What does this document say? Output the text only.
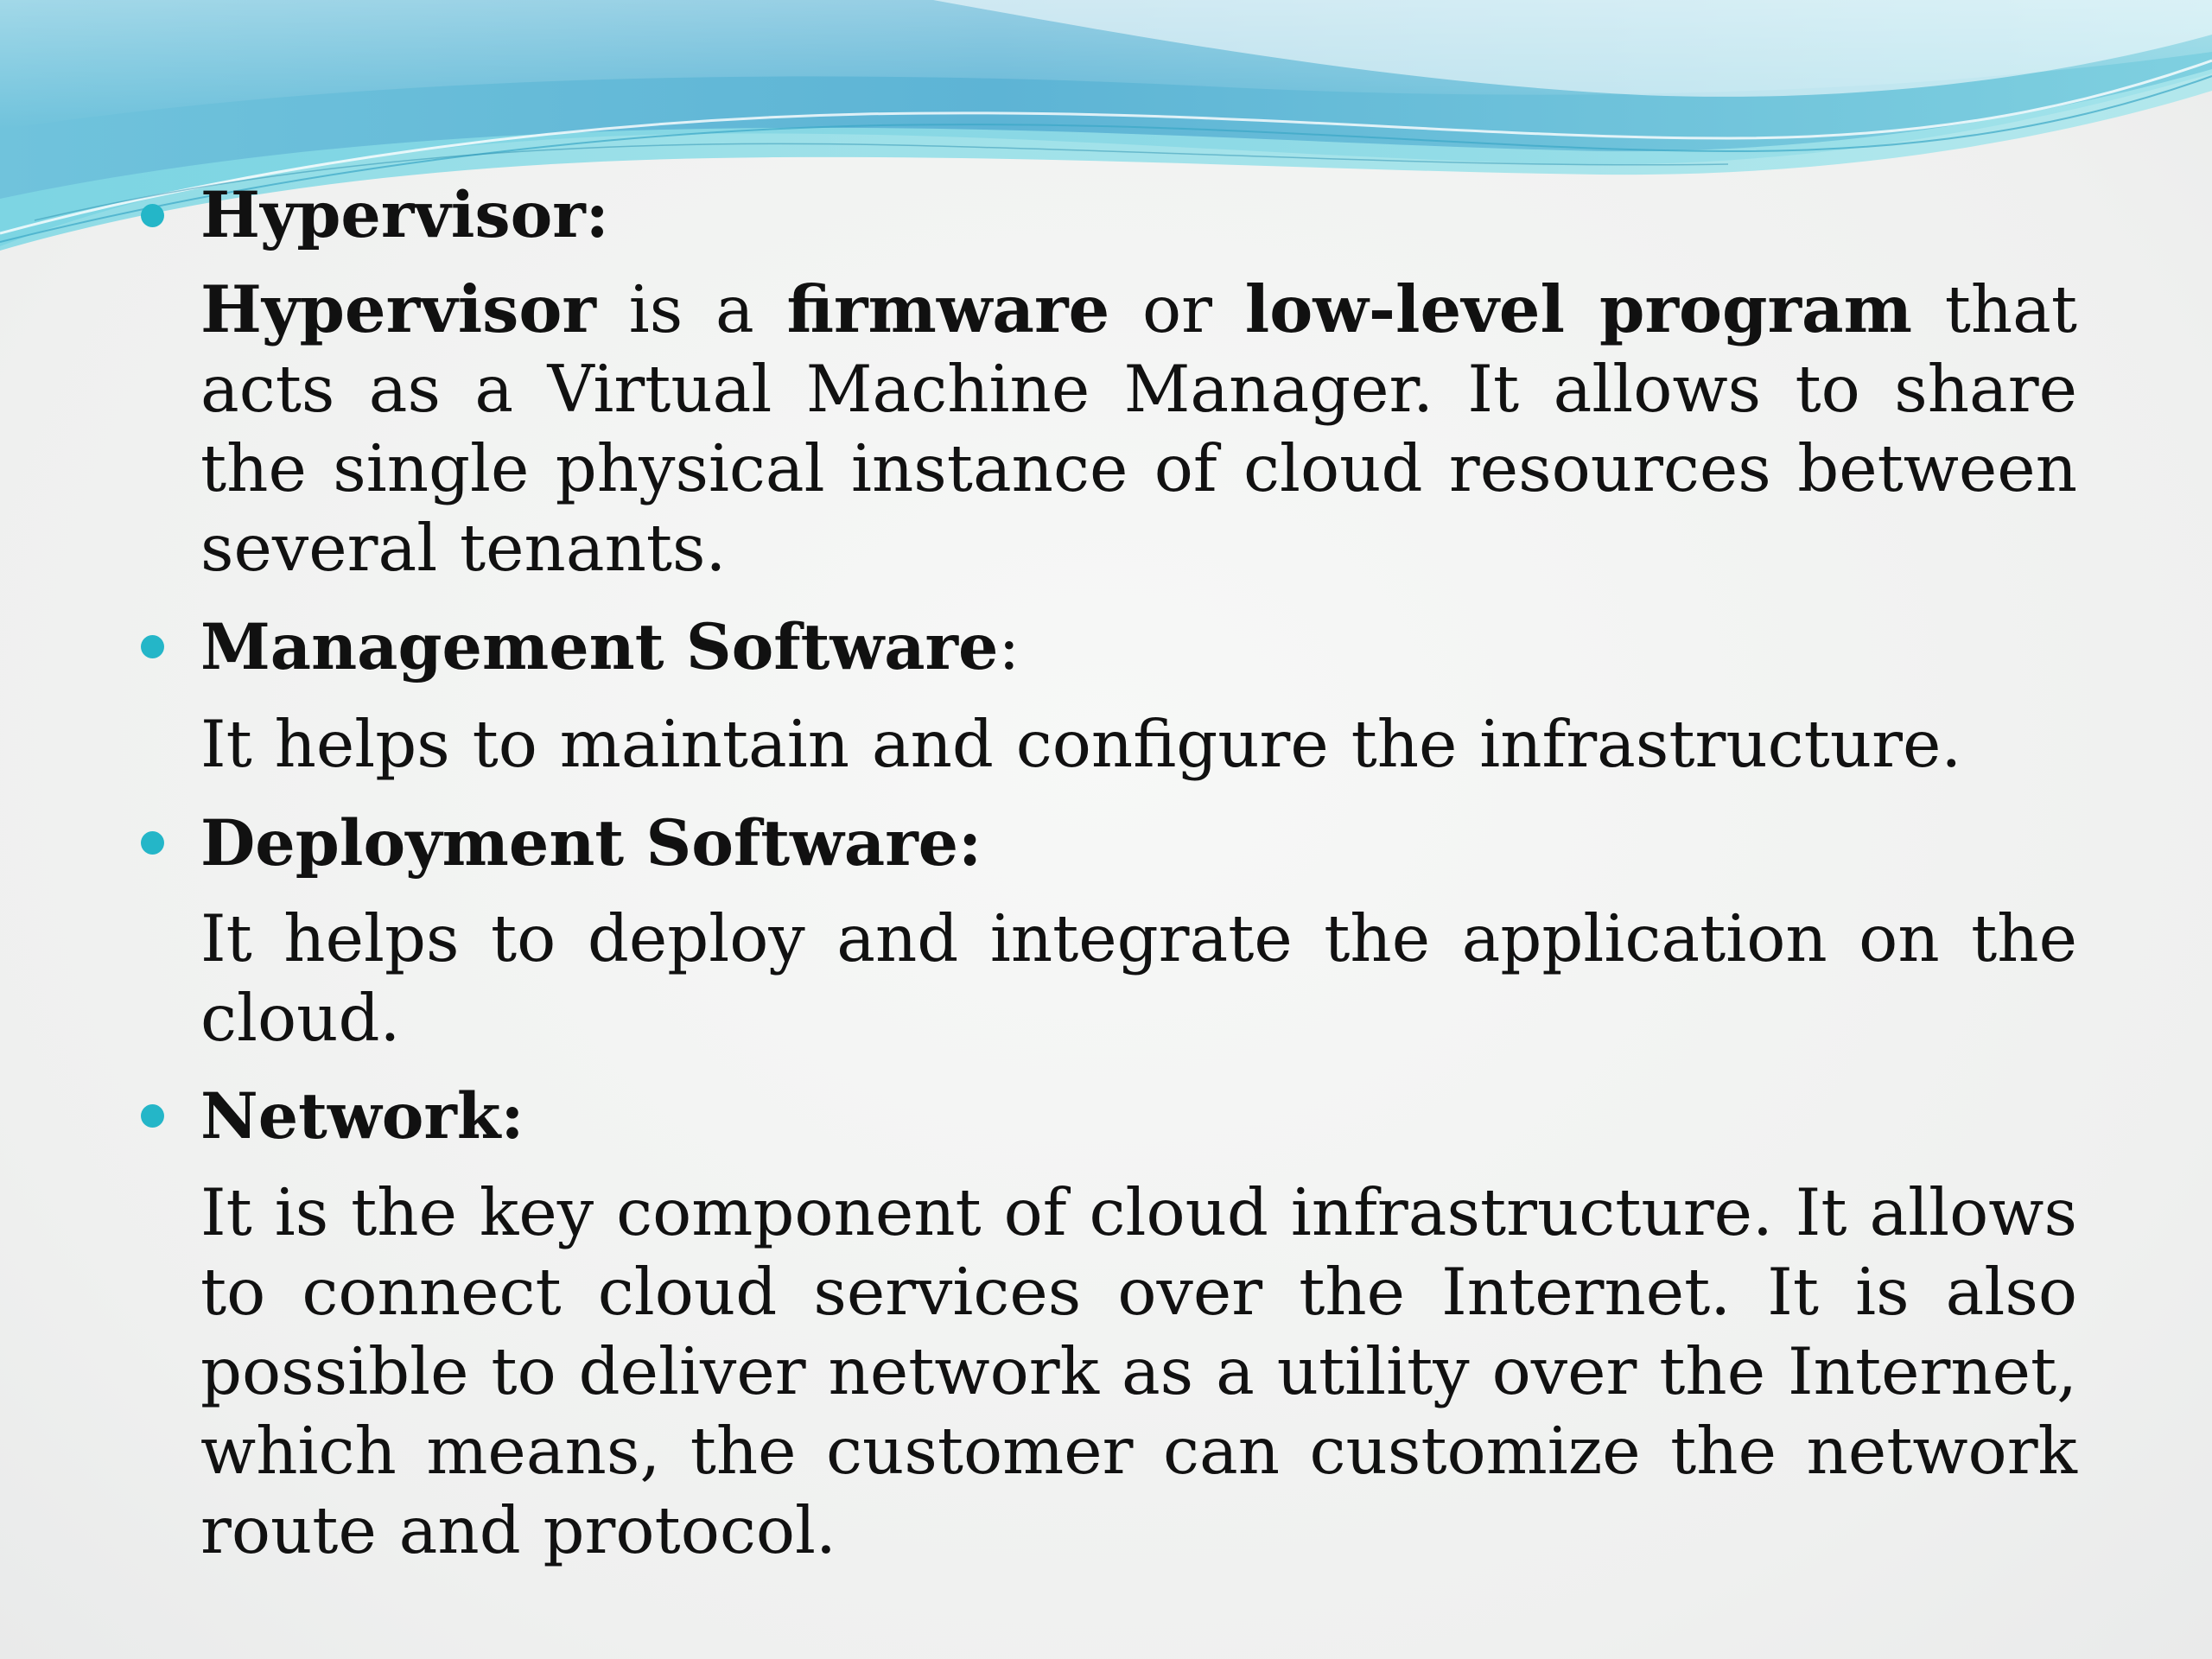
Hypervisor:
Hypervisor is a firmware or low-level program that acts as a Virtual Machine Manager. It allows to share the single physical instance of cloud resources between several tenants.
Management Software:
It helps to maintain and configure the infrastructure.
Deployment Software:
It helps to deploy and integrate the application on the cloud.
Network:
It is the key component of cloud infrastructure. It allows to connect cloud services over the Internet. It is also possible to deliver network as a utility over the Internet, which means, the customer can customize the network route and protocol.
